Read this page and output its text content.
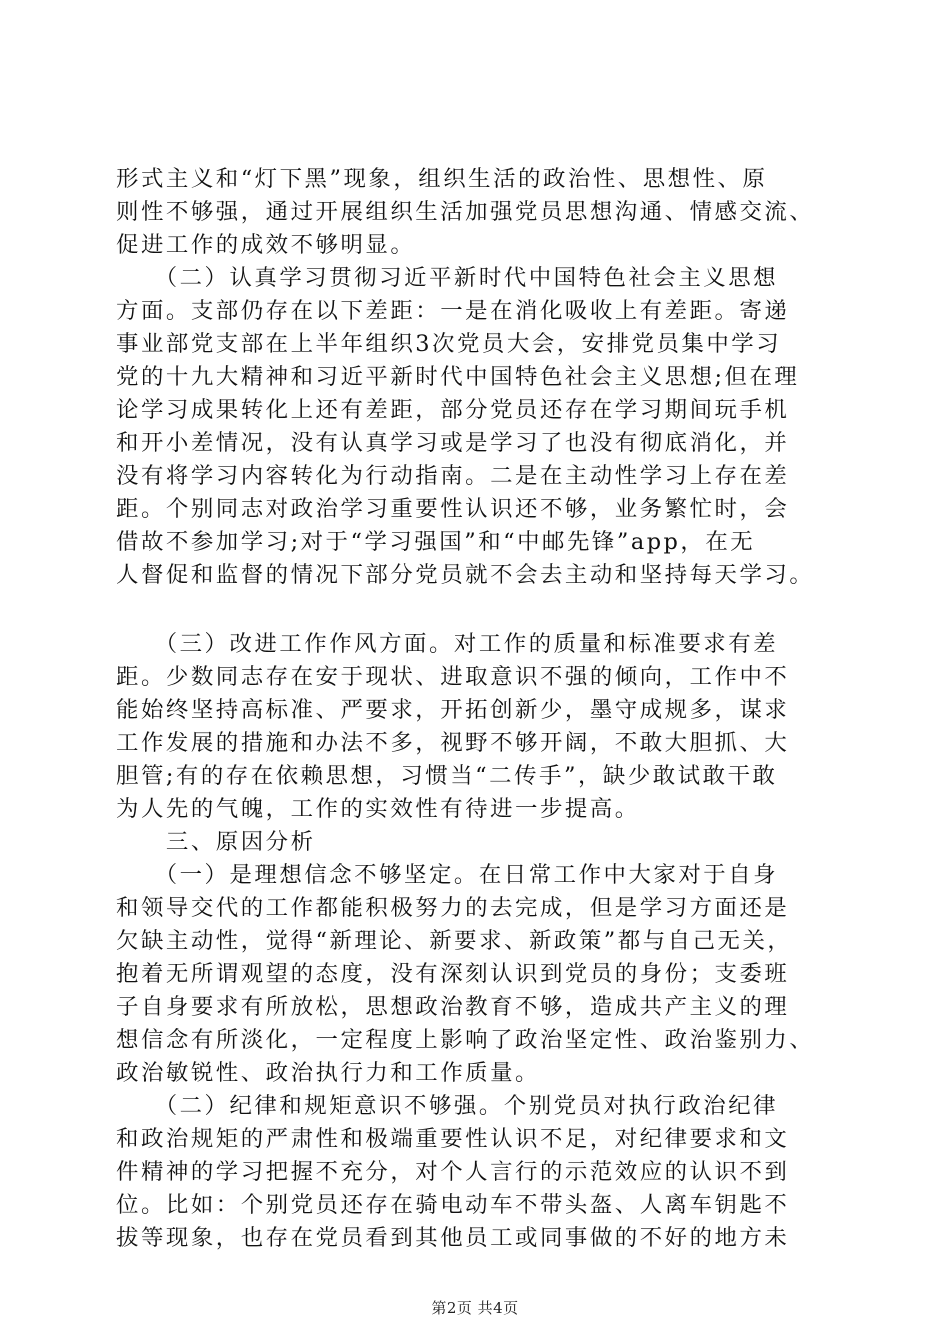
形式主义和“灯下黑”现象，组织生活的政治性、思想性、原
则性不够强，通过开展组织生活加强党员思想沟通、情感交流、
促进工作的成效不够明显。
　　（二）认真学习贯彻习近平新时代中国特色社会主义思想
方面。支部仍存在以下差距：一是在消化吸收上有差距。寄递
事业部党支部在上半年组织3次党员大会，安排党员集中学习
党的十九大精神和习近平新时代中国特色社会主义思想;但在理
论学习成果转化上还有差距，部分党员还存在学习期间玩手机
和开小差情况，没有认真学习或是学习了也没有彻底消化，并
没有将学习内容转化为行动指南。二是在主动性学习上存在差
距。个别同志对政治学习重要性认识还不够，业务繁忙时，会
借故不参加学习;对于“学习强国”和“中邮先锋”app，在无
人督促和监督的情况下部分党员就不会去主动和坚持每天学习。
　　（三）改进工作作风方面。对工作的质量和标准要求有差
距。少数同志存在安于现状、进取意识不强的倾向，工作中不
能始终坚持高标准、严要求，开拓创新少，墨守成规多，谋求
工作发展的措施和办法不多，视野不够开阔，不敢大胆抓、大
胆管;有的存在依赖思想，习惯当“二传手”，缺少敢试敢干敢
为人先的气魄，工作的实效性有待进一步提高。
　　三、原因分析
　　（一）是理想信念不够坚定。在日常工作中大家对于自身
和领导交代的工作都能积极努力的去完成，但是学习方面还是
欠缺主动性，觉得“新理论、新要求、新政策”都与自己无关，
抱着无所谓观望的态度，没有深刻认识到党员的身份；支委班
子自身要求有所放松，思想政治教育不够，造成共产主义的理
想信念有所淡化，一定程度上影响了政治坚定性、政治鉴别力、
政治敏锐性、政治执行力和工作质量。
　　（二）纪律和规矩意识不够强。个别党员对执行政治纪律
和政治规矩的严肃性和极端重要性认识不足，对纪律要求和文
件精神的学习把握不充分，对个人言行的示范效应的认识不到
位。比如：个别党员还存在骑电动车不带头盔、人离车钥匙不
拔等现象，也存在党员看到其他员工或同事做的不好的地方未
第2页 共4页
